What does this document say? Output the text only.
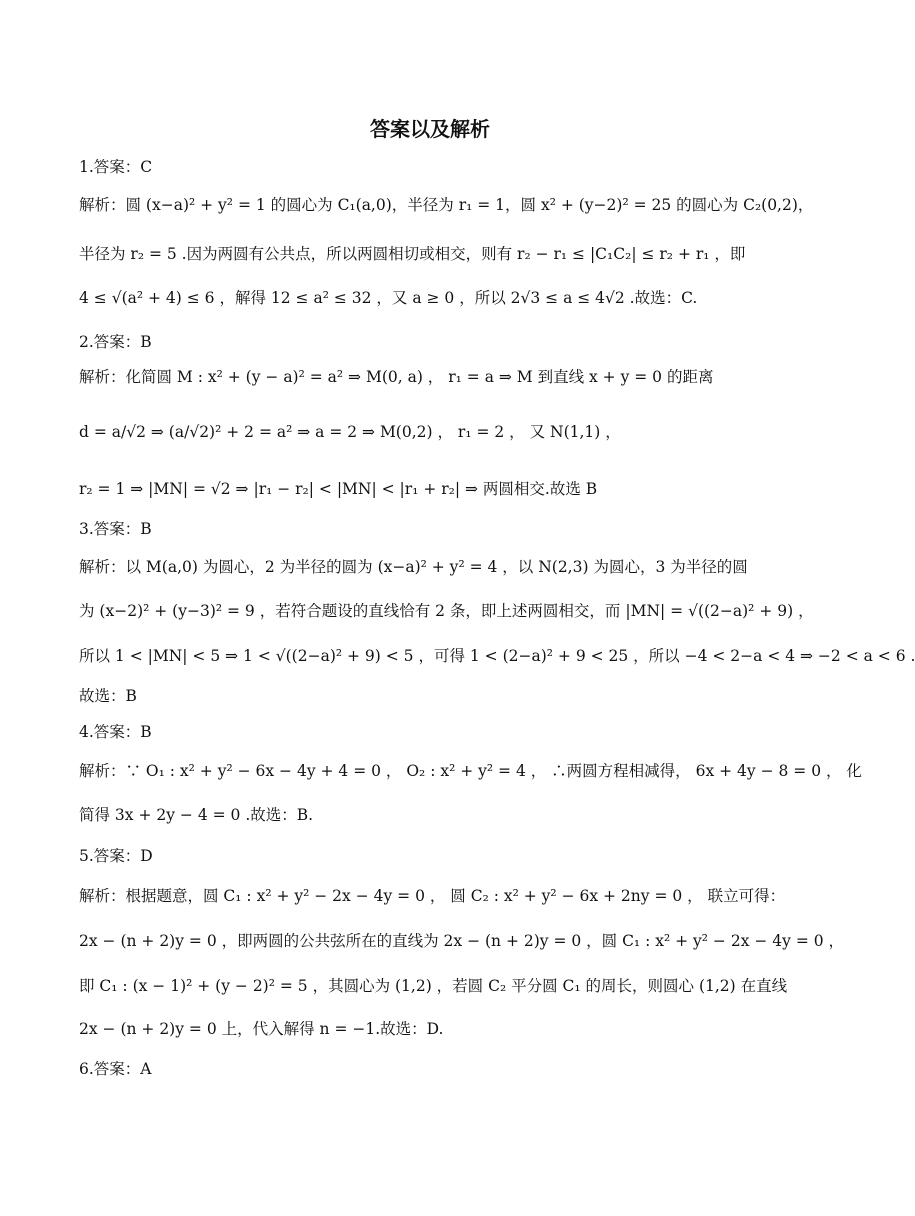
答案以及解析
1.答案：C
解析：圆 (x−a)² + y² = 1 的圆心为 C₁(a,0)，半径为 r₁ = 1，圆 x² + (y−2)² = 25 的圆心为 C₂(0,2)，
半径为 r₂ = 5 .因为两圆有公共点，所以两圆相切或相交，则有 r₂ − r₁ ≤ |C₁C₂| ≤ r₂ + r₁ ，即
4 ≤ √(a² + 4) ≤ 6 ，解得 12 ≤ a² ≤ 32 ，又 a ≥ 0 ，所以 2√3 ≤ a ≤ 4√2 .故选：C.
2.答案：B
解析：化简圆 M : x² + (y − a)² = a² ⇒ M(0, a) ， r₁ = a ⇒ M 到直线 x + y = 0 的距离
d = a/√2 ⇒ (a/√2)² + 2 = a² ⇒ a = 2 ⇒ M(0,2) ， r₁ = 2 ， 又 N(1,1) ，
r₂ = 1 ⇒ |MN| = √2 ⇒ |r₁ − r₂| < |MN| < |r₁ + r₂| ⇒ 两圆相交.故选 B
3.答案：B
解析：以 M(a,0) 为圆心，2 为半径的圆为 (x−a)² + y² = 4 ，以 N(2,3) 为圆心，3 为半径的圆
为 (x−2)² + (y−3)² = 9 ，若符合题设的直线恰有 2 条，即上述两圆相交，而 |MN| = √((2−a)² + 9) ，
所以 1 < |MN| < 5 ⇒ 1 < √((2−a)² + 9) < 5 ，可得 1 < (2−a)² + 9 < 25 ，所以 −4 < 2−a < 4 ⇒ −2 < a < 6 .
故选：B
4.答案：B
解析：∵ O₁ : x² + y² − 6x − 4y + 4 = 0 ， O₂ : x² + y² = 4 ， ∴两圆方程相减得， 6x + 4y − 8 = 0 ， 化
简得 3x + 2y − 4 = 0 .故选：B.
5.答案：D
解析：根据题意，圆 C₁ : x² + y² − 2x − 4y = 0 ， 圆 C₂ : x² + y² − 6x + 2ny = 0 ， 联立可得：
2x − (n + 2)y = 0 ，即两圆的公共弦所在的直线为 2x − (n + 2)y = 0 ，圆 C₁ : x² + y² − 2x − 4y = 0 ，
即 C₁ : (x − 1)² + (y − 2)² = 5 ，其圆心为 (1,2) ，若圆 C₂ 平分圆 C₁ 的周长，则圆心 (1,2) 在直线
2x − (n + 2)y = 0 上，代入解得 n = −1.故选：D.
6.答案：A
